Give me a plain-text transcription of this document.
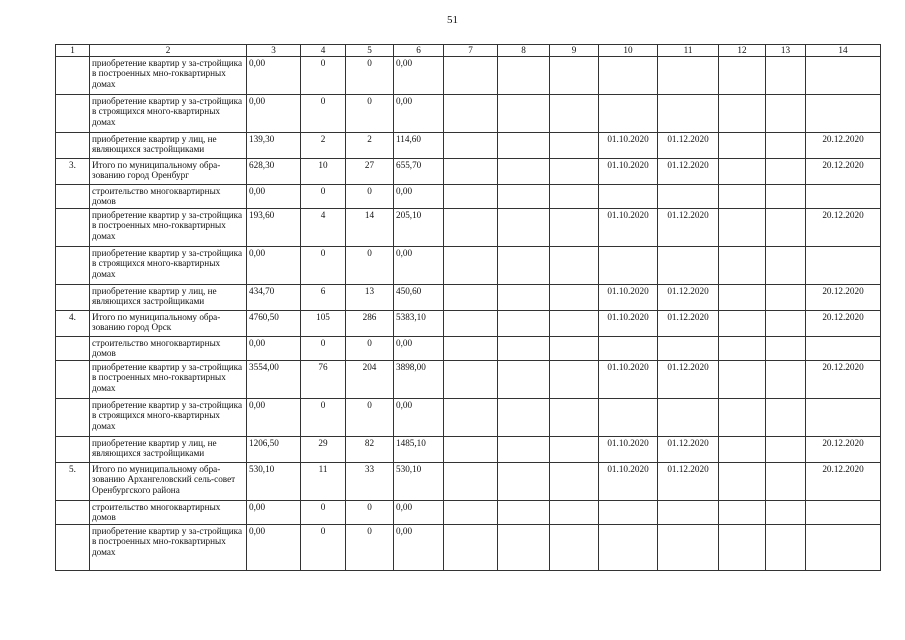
51
1	2	3	4	5	6	7	8	9	10	11	12	13	14
	приобретение квартир у за-стройщика в построенных мно-гоквартирных домах	0,00	0	0	0,00								
	приобретение квартир у за-стройщика в строящихся много-квартирных домах	0,00	0	0	0,00								
	приобретение квартир у лиц, не являющихся застройщиками	139,30	2	2	114,60				01.10.2020	01.12.2020			20.12.2020
3.	Итого по муниципальному обра-зованию город Оренбург	628,30	10	27	655,70				01.10.2020	01.12.2020			20.12.2020
	строительство многоквартирных домов	0,00	0	0	0,00								
	приобретение квартир у за-стройщика в построенных мно-гоквартирных домах	193,60	4	14	205,10				01.10.2020	01.12.2020			20.12.2020
	приобретение квартир у за-стройщика в строящихся много-квартирных домах	0,00	0	0	0,00								
	приобретение квартир у лиц, не являющихся застройщиками	434,70	6	13	450,60				01.10.2020	01.12.2020			20.12.2020
4.	Итого по муниципальному обра-зованию город Орск	4760,50	105	286	5383,10				01.10.2020	01.12.2020			20.12.2020
	строительство многоквартирных домов	0,00	0	0	0,00								
	приобретение квартир у за-стройщика в построенных мно-гоквартирных домах	3554,00	76	204	3898,00				01.10.2020	01.12.2020			20.12.2020
	приобретение квартир у за-стройщика в строящихся много-квартирных домах	0,00	0	0	0,00								
	приобретение квартир у лиц, не являющихся застройщиками	1206,50	29	82	1485,10				01.10.2020	01.12.2020			20.12.2020
5.	Итого по муниципальному обра-зованию Архангеловский сель-совет Оренбургского района	530,10	11	33	530,10				01.10.2020	01.12.2020			20.12.2020
	строительство многоквартирных домов	0,00	0	0	0,00								
	приобретение квартир у за-стройщика в построенных мно-гоквартирных домах	0,00	0	0	0,00								
